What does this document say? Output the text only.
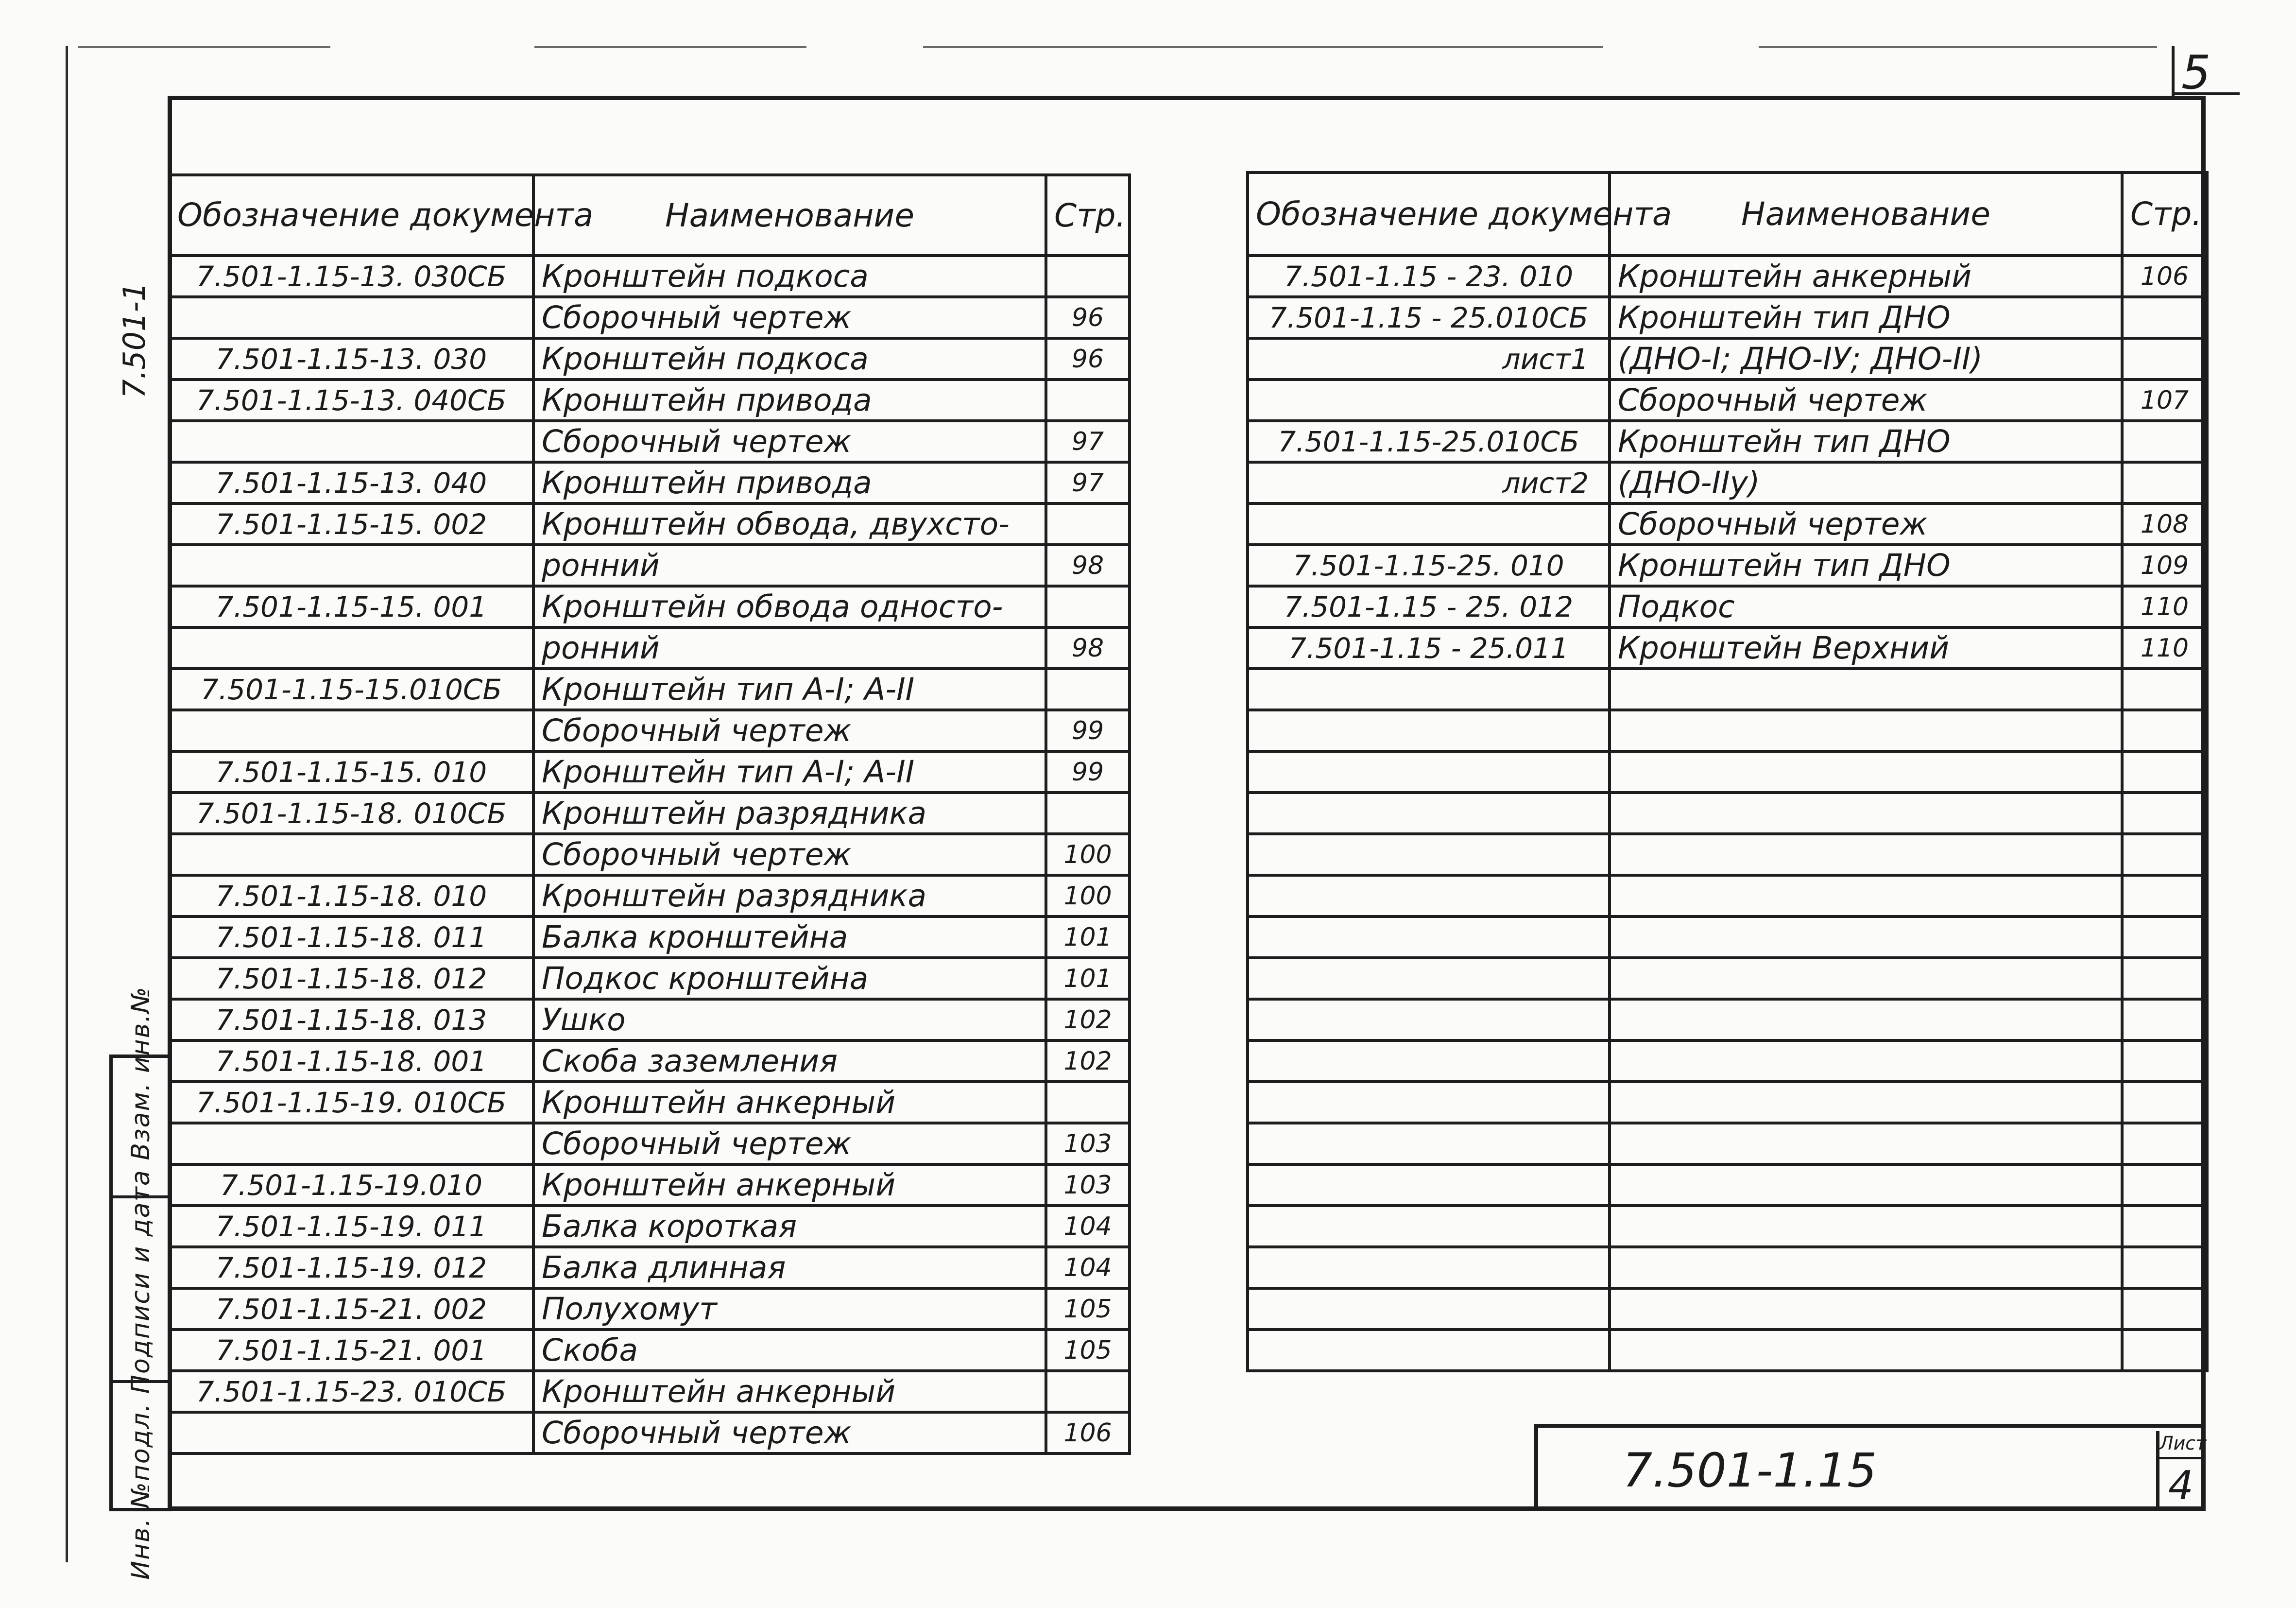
5
7.501-1
Инв. №подл. Подписи и дата Взам. инв.№
Обозначение документа	Наименование	Стр.
7.501-1.15-13. 030СБ	Кронштейн подкоса	
	Сборочный чертеж	96
7.501-1.15-13. 030	Кронштейн подкоса	96
7.501-1.15-13. 040СБ	Кронштейн привода	
	Сборочный чертеж	97
7.501-1.15-13. 040	Кронштейн привода	97
7.501-1.15-15. 002	Кронштейн обвода, двухсто-	
	ронний	98
7.501-1.15-15. 001	Кронштейн обвода односто-	
	ронний	98
7.501-1.15-15.010СБ	Кронштейн тип А-I; А-II	
	Сборочный чертеж	99
7.501-1.15-15. 010	Кронштейн тип А-I; А-II	99
7.501-1.15-18. 010СБ	Кронштейн разрядника	
	Сборочный чертеж	100
7.501-1.15-18. 010	Кронштейн разрядника	100
7.501-1.15-18. 011	Балка кронштейна	101
7.501-1.15-18. 012	Подкос кронштейна	101
7.501-1.15-18. 013	Ушко	102
7.501-1.15-18. 001	Скоба заземления	102
7.501-1.15-19. 010СБ	Кронштейн анкерный	
	Сборочный чертеж	103
7.501-1.15-19.010	Кронштейн анкерный	103
7.501-1.15-19. 011	Балка короткая	104
7.501-1.15-19. 012	Балка длинная	104
7.501-1.15-21. 002	Полухомут	105
7.501-1.15-21. 001	Скоба	105
7.501-1.15-23. 010СБ	Кронштейн анкерный	
	Сборочный чертеж	106
Обозначение документа	Наименование	Стр.
7.501-1.15 - 23. 010	Кронштейн анкерный	106
7.501-1.15 - 25.010СБ	Кронштейн тип ДНО	
лист1	(ДНО-I; ДНО-IУ; ДНО-II)	
	Сборочный чертеж	107
7.501-1.15-25.010СБ	Кронштейн тип ДНО	
лист2	(ДНО-IIу)	
	Сборочный чертеж	108
7.501-1.15-25. 010	Кронштейн тип ДНО	109
7.501-1.15 - 25. 012	Подкос	110
7.501-1.15 - 25.011	Кронштейн Верхний	110

7.501-1.15	Лист
4
